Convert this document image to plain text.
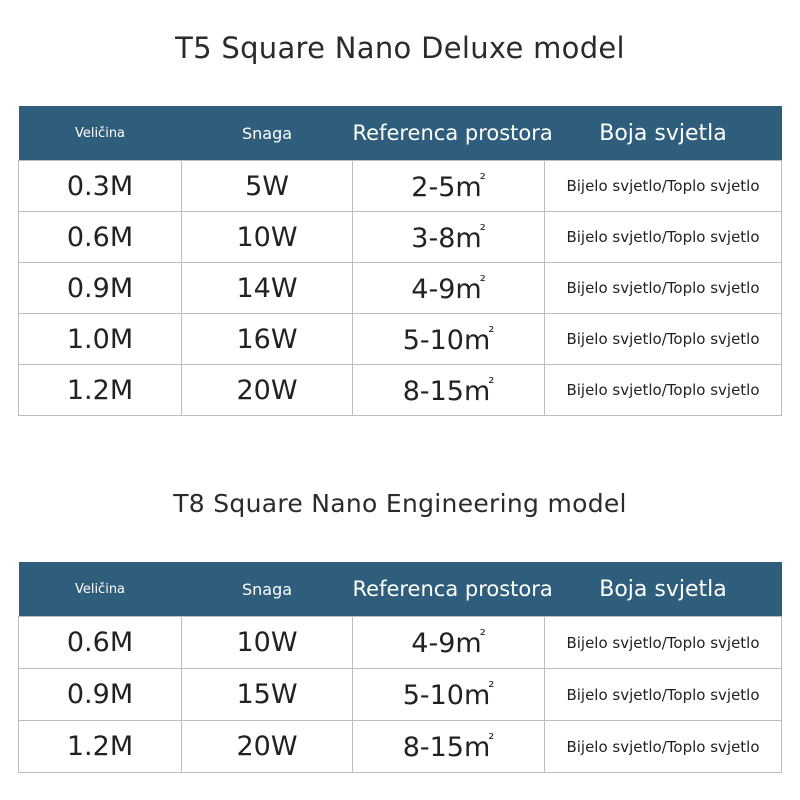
T5 Square Nano Deluxe model
Veličina	Snaga	Referenca prostora	Boja svjetla
0.3M	5W	$2-5m^{^2}$	Bijelo svjetlo/Toplo svjetlo
0.6M	10W	$3-8m^{^2}$	Bijelo svjetlo/Toplo svjetlo
0.9M	14W	$4-9m^{^2}$	Bijelo svjetlo/Toplo svjetlo
1.0M	16W	$5-10m^{^2}$	Bijelo svjetlo/Toplo svjetlo
1.2M	20W	$8-15m^{^2}$	Bijelo svjetlo/Toplo svjetlo
T8 Square Nano Engineering model
Veličina	Snaga	Referenca prostora	Boja svjetla
0.6M	10W	$4-9m^{^2}$	Bijelo svjetlo/Toplo svjetlo
0.9M	15W	$5-10m^{^2}$	Bijelo svjetlo/Toplo svjetlo
1.2M	20W	$8-15m^{^2}$	Bijelo svjetlo/Toplo svjetlo
